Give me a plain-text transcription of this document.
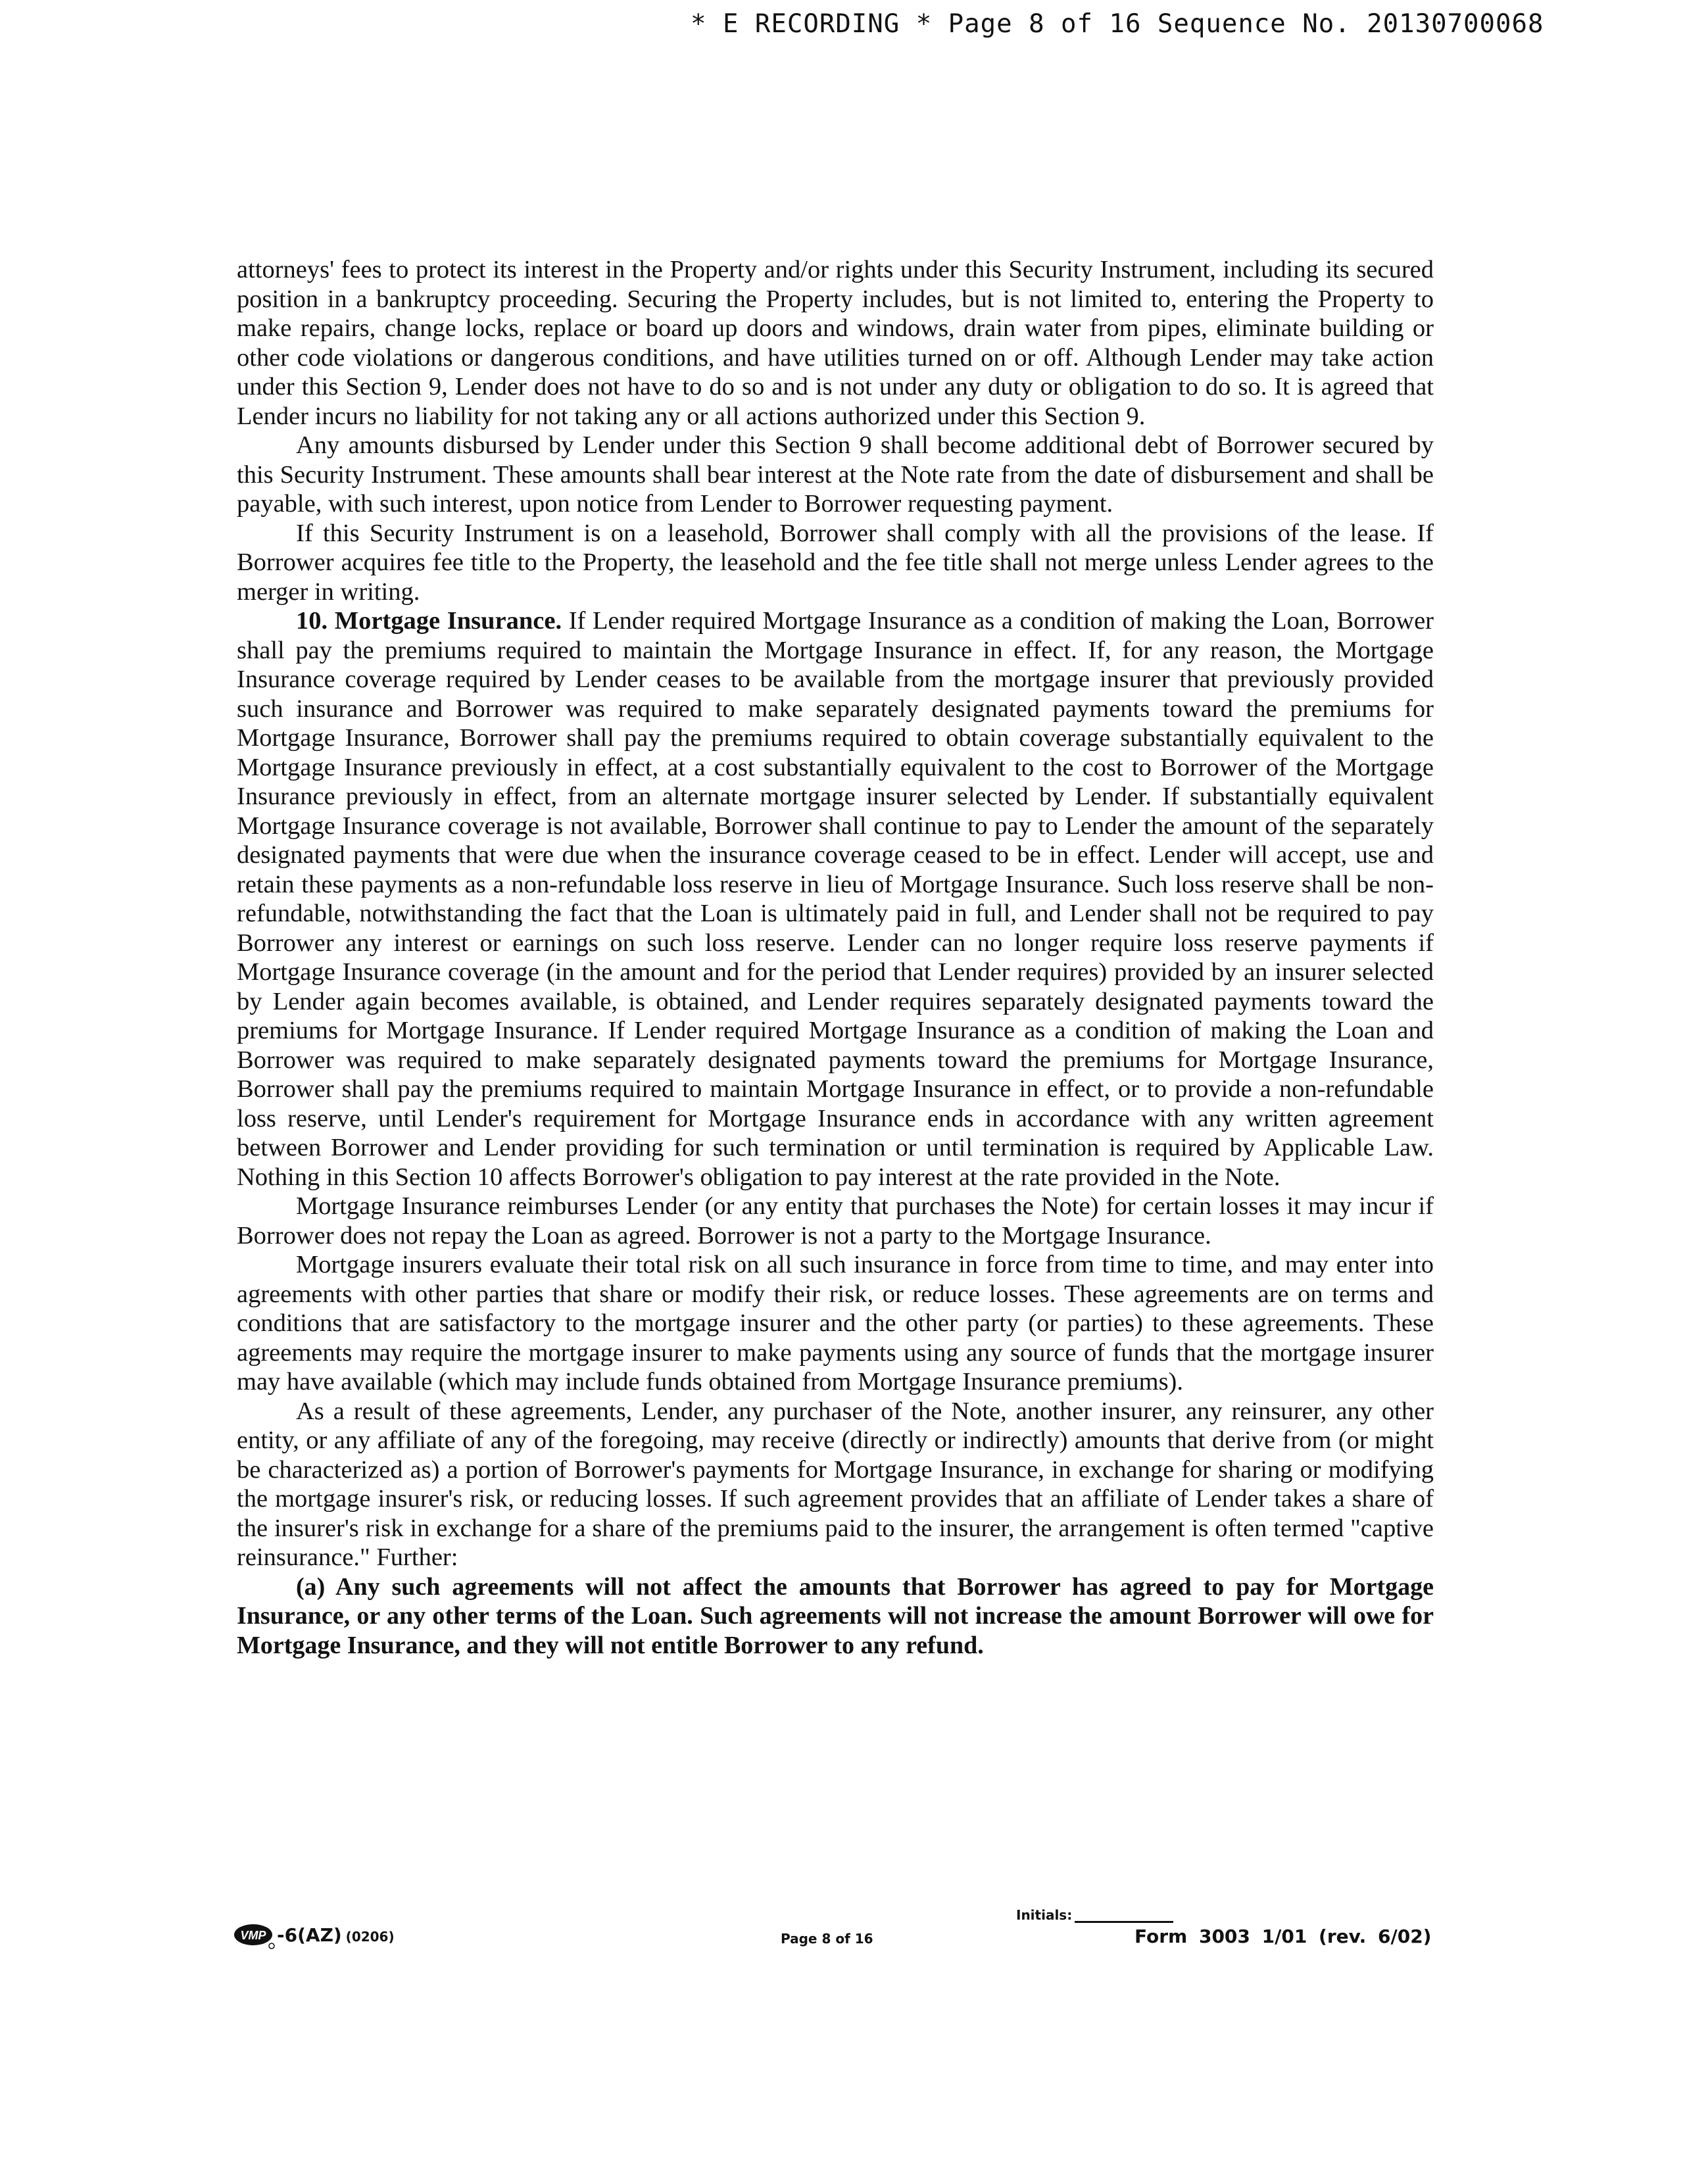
* E RECORDING * Page 8 of 16 Sequence No. 20130700068

attorneys' fees to protect its interest in the Property and/or rights under this Security Instrument, including its secured position in a bankruptcy proceeding. Securing the Property includes, but is not limited to, entering the Property to make repairs, change locks, replace or board up doors and windows, drain water from pipes, eliminate building or other code violations or dangerous conditions, and have utilities turned on or off. Although Lender may take action under this Section 9, Lender does not have to do so and is not under any duty or obligation to do so. It is agreed that Lender incurs no liability for not taking any or all actions authorized under this Section 9.

Any amounts disbursed by Lender under this Section 9 shall become additional debt of Borrower secured by this Security Instrument. These amounts shall bear interest at the Note rate from the date of disbursement and shall be payable, with such interest, upon notice from Lender to Borrower requesting payment.

If this Security Instrument is on a leasehold, Borrower shall comply with all the provisions of the lease. If Borrower acquires fee title to the Property, the leasehold and the fee title shall not merge unless Lender agrees to the merger in writing.

10. Mortgage Insurance. If Lender required Mortgage Insurance as a condition of making the Loan, Borrower shall pay the premiums required to maintain the Mortgage Insurance in effect. If, for any reason, the Mortgage Insurance coverage required by Lender ceases to be available from the mortgage insurer that previously provided such insurance and Borrower was required to make separately designated payments toward the premiums for Mortgage Insurance, Borrower shall pay the premiums required to obtain coverage substantially equivalent to the Mortgage Insurance previously in effect, at a cost substantially equivalent to the cost to Borrower of the Mortgage Insurance previously in effect, from an alternate mortgage insurer selected by Lender. If substantially equivalent Mortgage Insurance coverage is not available, Borrower shall continue to pay to Lender the amount of the separately designated payments that were due when the insurance coverage ceased to be in effect. Lender will accept, use and retain these payments as a non-refundable loss reserve in lieu of Mortgage Insurance. Such loss reserve shall be non-refundable, notwithstanding the fact that the Loan is ultimately paid in full, and Lender shall not be required to pay Borrower any interest or earnings on such loss reserve. Lender can no longer require loss reserve payments if Mortgage Insurance coverage (in the amount and for the period that Lender requires) provided by an insurer selected by Lender again becomes available, is obtained, and Lender requires separately designated payments toward the premiums for Mortgage Insurance. If Lender required Mortgage Insurance as a condition of making the Loan and Borrower was required to make separately designated payments toward the premiums for Mortgage Insurance, Borrower shall pay the premiums required to maintain Mortgage Insurance in effect, or to provide a non-refundable loss reserve, until Lender's requirement for Mortgage Insurance ends in accordance with any written agreement between Borrower and Lender providing for such termination or until termination is required by Applicable Law. Nothing in this Section 10 affects Borrower's obligation to pay interest at the rate provided in the Note.

Mortgage Insurance reimburses Lender (or any entity that purchases the Note) for certain losses it may incur if Borrower does not repay the Loan as agreed. Borrower is not a party to the Mortgage Insurance.

Mortgage insurers evaluate their total risk on all such insurance in force from time to time, and may enter into agreements with other parties that share or modify their risk, or reduce losses. These agreements are on terms and conditions that are satisfactory to the mortgage insurer and the other party (or parties) to these agreements. These agreements may require the mortgage insurer to make payments using any source of funds that the mortgage insurer may have available (which may include funds obtained from Mortgage Insurance premiums).

As a result of these agreements, Lender, any purchaser of the Note, another insurer, any reinsurer, any other entity, or any affiliate of any of the foregoing, may receive (directly or indirectly) amounts that derive from (or might be characterized as) a portion of Borrower's payments for Mortgage Insurance, in exchange for sharing or modifying the mortgage insurer's risk, or reducing losses. If such agreement provides that an affiliate of Lender takes a share of the insurer's risk in exchange for a share of the premiums paid to the insurer, the arrangement is often termed "captive reinsurance." Further:

(a) Any such agreements will not affect the amounts that Borrower has agreed to pay for Mortgage Insurance, or any other terms of the Loan. Such agreements will not increase the amount Borrower will owe for Mortgage Insurance, and they will not entitle Borrower to any refund.

VMP -6(AZ) (0206)	Page 8 of 16
Initials:
Form 3003 1/01 (rev. 6/02)
